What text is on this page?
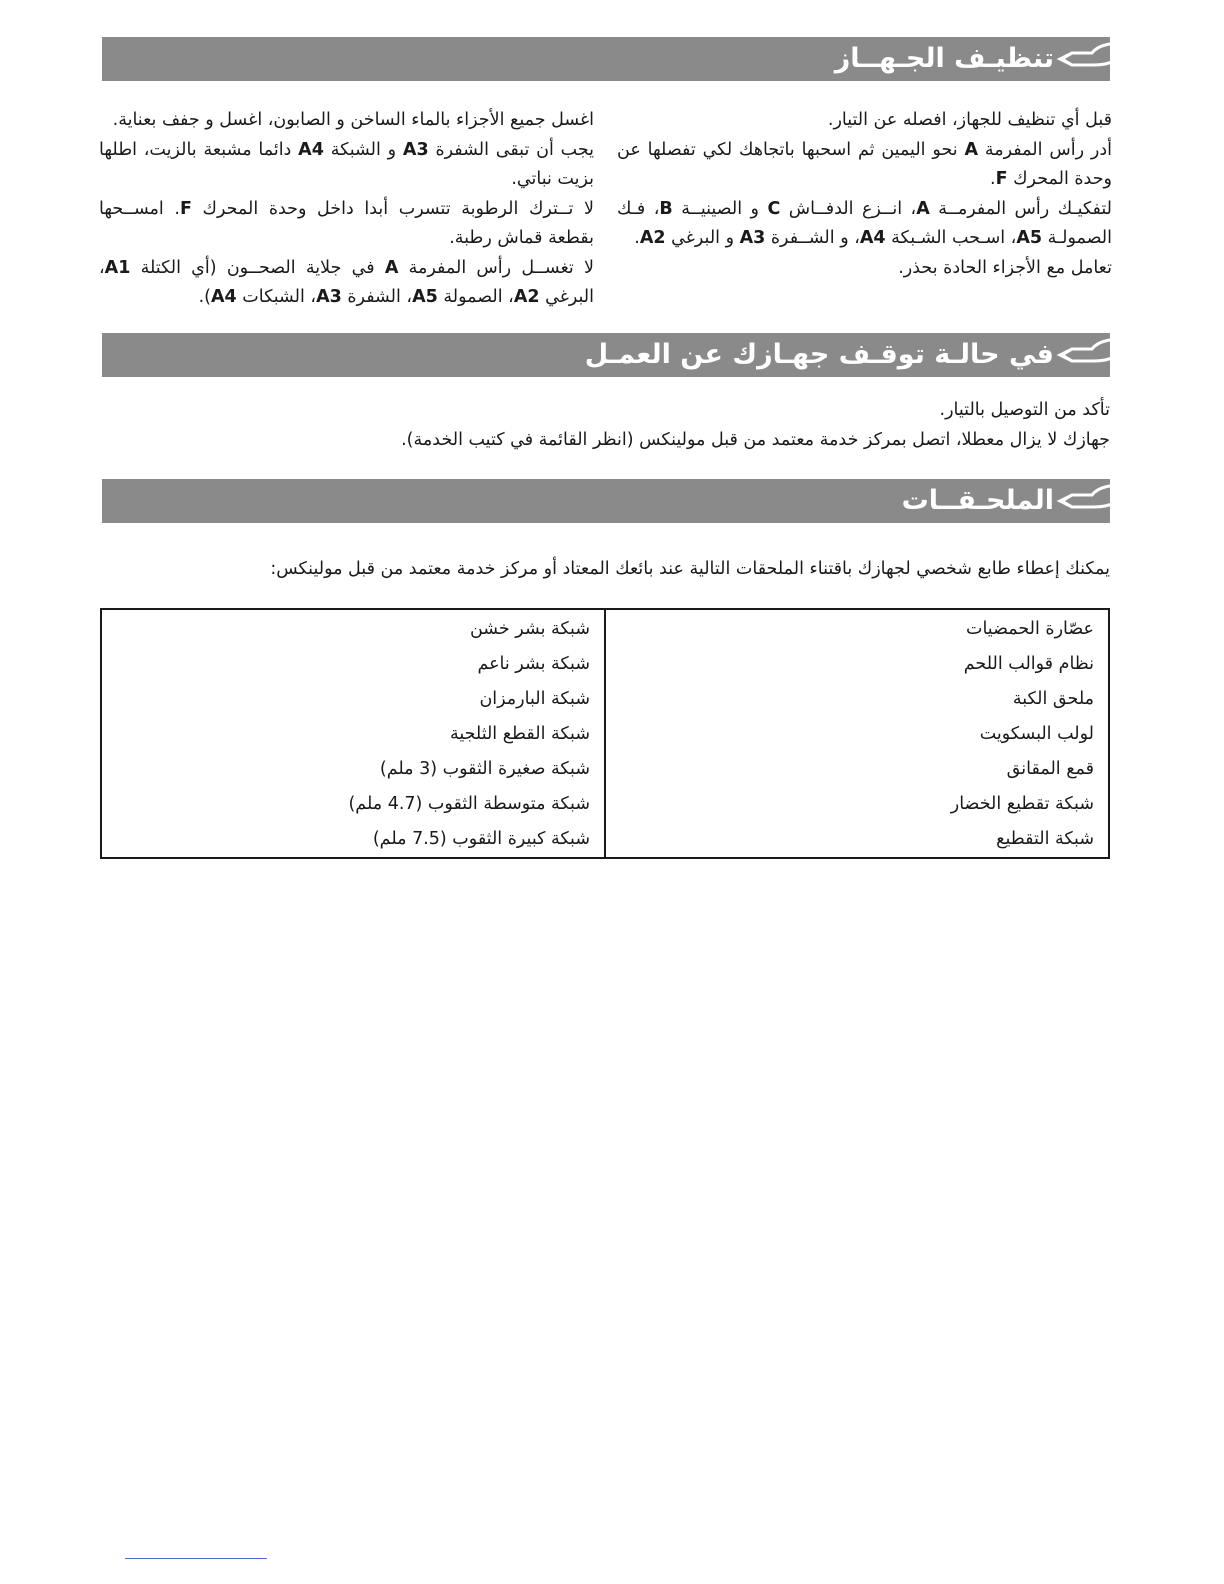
تنظيـف الجـهــاز

قبل أي تنظيف للجهاز، افصله عن التيار.

أدر رأس المفرمة A نحو اليمين ثم اسحبها باتجاهك لكي تفصلها عن وحدة المحرك F.

لتفكيـك رأس المفرمــة A، انــزع الدفــاش C و الصينيــة B، فـك الصمولـة A5، اسـحب الشـبكة A4، و الشــفرة A3 و البرغي A2.

تعامل مع الأجزاء الحادة بحذر.

اغسل جميع الأجزاء بالماء الساخن و الصابون، اغسل و جفف بعناية.

يجب أن تبقى الشفرة A3 و الشبكة A4 دائما مشبعة بالزيت، اطلها بزيت نباتي.

لا تــترك الرطوبة تتسرب أبدا داخل وحدة المحرك F. امســحها بقطعة قماش رطبة.

لا تغســل رأس المفرمة A في جلاية الصحــون (أي الكتلة A1، البرغي A2، الصمولة A5، الشفرة A3، الشبكات A4).

في حالـة توقـف جهـازك عن العمـل

تأكد من التوصيل بالتيار.

جهازك لا يزال معطلا، اتصل بمركز خدمة معتمد من قبل مولينكس (انظر القائمة في كتيب الخدمة).

الملحـقــات

يمكنك إعطاء طابع شخصي لجهازك باقتناء الملحقات التالية عند بائعك المعتاد أو مركز خدمة معتمد من قبل مولينكس:

عصّارة الحمضيات	شبكة بشر خشن
نظام قوالب اللحم	شبكة بشر ناعم
ملحق الكبة	شبكة البارمزان
لولب البسكويت	شبكة القطع الثلجية
قمع المقانق	شبكة صغيرة الثقوب (3 ملم)
شبكة تقطيع الخضار	شبكة متوسطة الثقوب (4.7 ملم)
شبكة التقطيع	شبكة كبيرة الثقوب (7.5 ملم)
